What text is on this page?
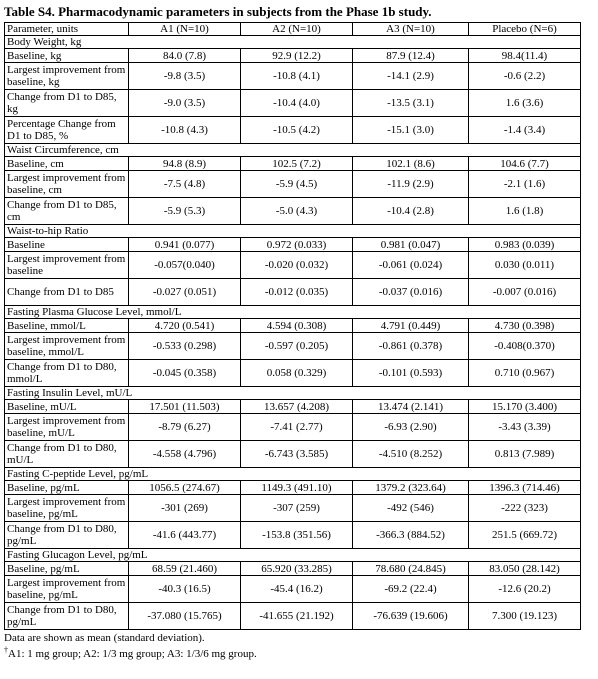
Table S4. Pharmacodynamic parameters in subjects from the Phase 1b study.
Parameter, units	A1 (N=10)	A2 (N=10)	A3 (N=10)	Placebo (N=6)
Body Weight, kg				
Baseline, kg	84.0 (7.8)	92.9 (12.2)	87.9 (12.4)	98.4(11.4)
Largest improvement from baseline, kg	-9.8 (3.5)	-10.8 (4.1)	-14.1 (2.9)	-0.6 (2.2)
Change from D1 to D85, kg	-9.0 (3.5)	-10.4 (4.0)	-13.5 (3.1)	1.6 (3.6)
Percentage Change from D1 to D85, %	-10.8 (4.3)	-10.5 (4.2)	-15.1 (3.0)	-1.4 (3.4)
Waist Circumference, cm				
Baseline, cm	94.8 (8.9)	102.5 (7.2)	102.1 (8.6)	104.6 (7.7)
Largest improvement from baseline, cm	-7.5 (4.8)	-5.9 (4.5)	-11.9 (2.9)	-2.1 (1.6)
Change from D1 to D85, cm	-5.9 (5.3)	-5.0 (4.3)	-10.4 (2.8)	1.6 (1.8)
Waist-to-hip Ratio				
Baseline	0.941 (0.077)	0.972 (0.033)	0.981 (0.047)	0.983 (0.039)
Largest improvement from baseline	-0.057(0.040)	-0.020 (0.032)	-0.061 (0.024)	0.030 (0.011)
Change from D1 to D85	-0.027 (0.051)	-0.012 (0.035)	-0.037 (0.016)	-0.007 (0.016)
Fasting Plasma Glucose Level, mmol/L				
Baseline, mmol/L	4.720 (0.541)	4.594 (0.308)	4.791 (0.449)	4.730 (0.398)
Largest improvement from baseline, mmol/L	-0.533 (0.298)	-0.597 (0.205)	-0.861 (0.378)	-0.408(0.370)
Change from D1 to D80, mmol/L	-0.045 (0.358)	0.058 (0.329)	-0.101 (0.593)	0.710 (0.967)
Fasting Insulin Level, mU/L				
Baseline, mU/L	17.501 (11.503)	13.657 (4.208)	13.474 (2.141)	15.170 (3.400)
Largest improvement from baseline, mU/L	-8.79 (6.27)	-7.41 (2.77)	-6.93 (2.90)	-3.43 (3.39)
Change from D1 to D80, mU/L	-4.558 (4.796)	-6.743 (3.585)	-4.510 (8.252)	0.813 (7.989)
Fasting C-peptide Level, pg/mL				
Baseline, pg/mL	1056.5 (274.67)	1149.3 (491.10)	1379.2 (323.64)	1396.3 (714.46)
Largest improvement from baseline, pg/mL	-301 (269)	-307 (259)	-492 (546)	-222 (323)
Change from D1 to D80, pg/mL	-41.6 (443.77)	-153.8 (351.56)	-366.3 (884.52)	251.5 (669.72)
Fasting Glucagon Level, pg/mL				
Baseline, pg/mL	68.59 (21.460)	65.920 (33.285)	78.680 (24.845)	83.050 (28.142)
Largest improvement from baseline, pg/mL	-40.3 (16.5)	-45.4 (16.2)	-69.2 (22.4)	-12.6 (20.2)
Change from D1 to D80, pg/mL	-37.080 (15.765)	-41.655 (21.192)	-76.639 (19.606)	7.300 (19.123)
Data are shown as mean (standard deviation).
†A1: 1 mg group; A2: 1/3 mg group; A3: 1/3/6 mg group.
